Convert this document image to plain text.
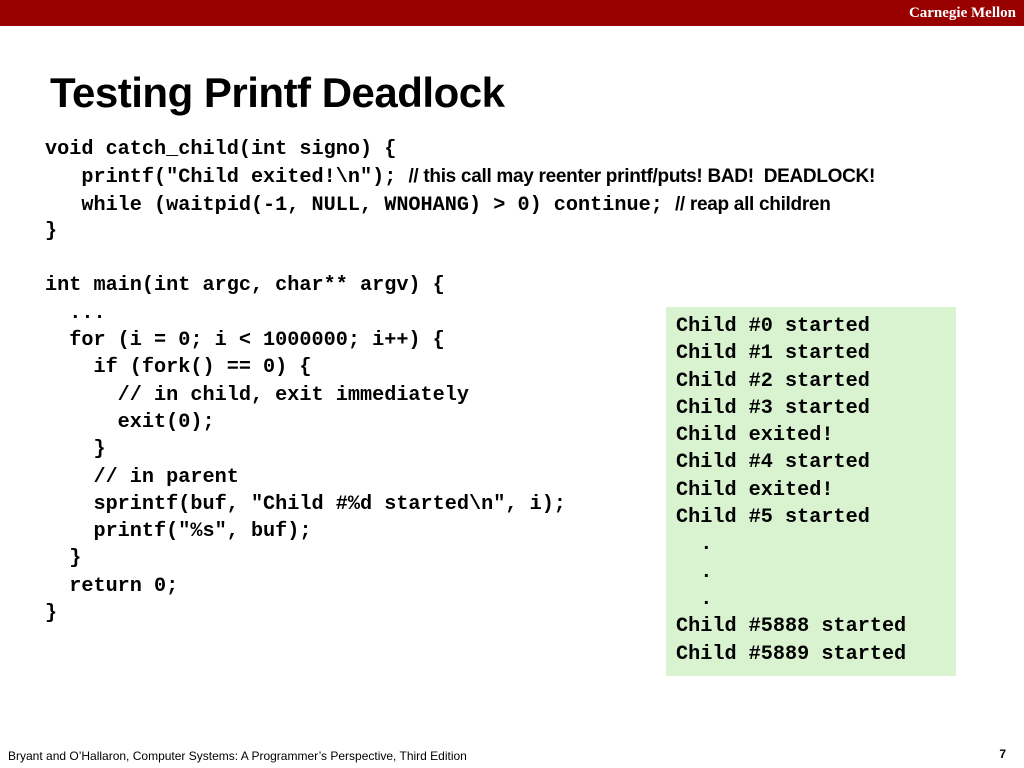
Carnegie Mellon
Testing Printf Deadlock
void catch_child(int signo) {
printf("Child exited!\n"); // this call may reenter printf/puts! BAD!  DEADLOCK!
while (waitpid(-1, NULL, WNOHANG) > 0) continue; // reap all children
}
int main(int argc, char** argv) {
...
for (i = 0; i < 1000000; i++) {
if (fork() == 0) {
// in child, exit immediately
exit(0);
}
// in parent
sprintf(buf, "Child #%d started\n", i);
printf("%s", buf);
}
return 0;
}
Child #0 started
Child #1 started
Child #2 started
Child #3 started
Child exited!
Child #4 started
Child exited!
Child #5 started
.
.
.
Child #5888 started
Child #5889 started
Bryant and O’Hallaron, Computer Systems: A Programmer’s Perspective, Third Edition	7
